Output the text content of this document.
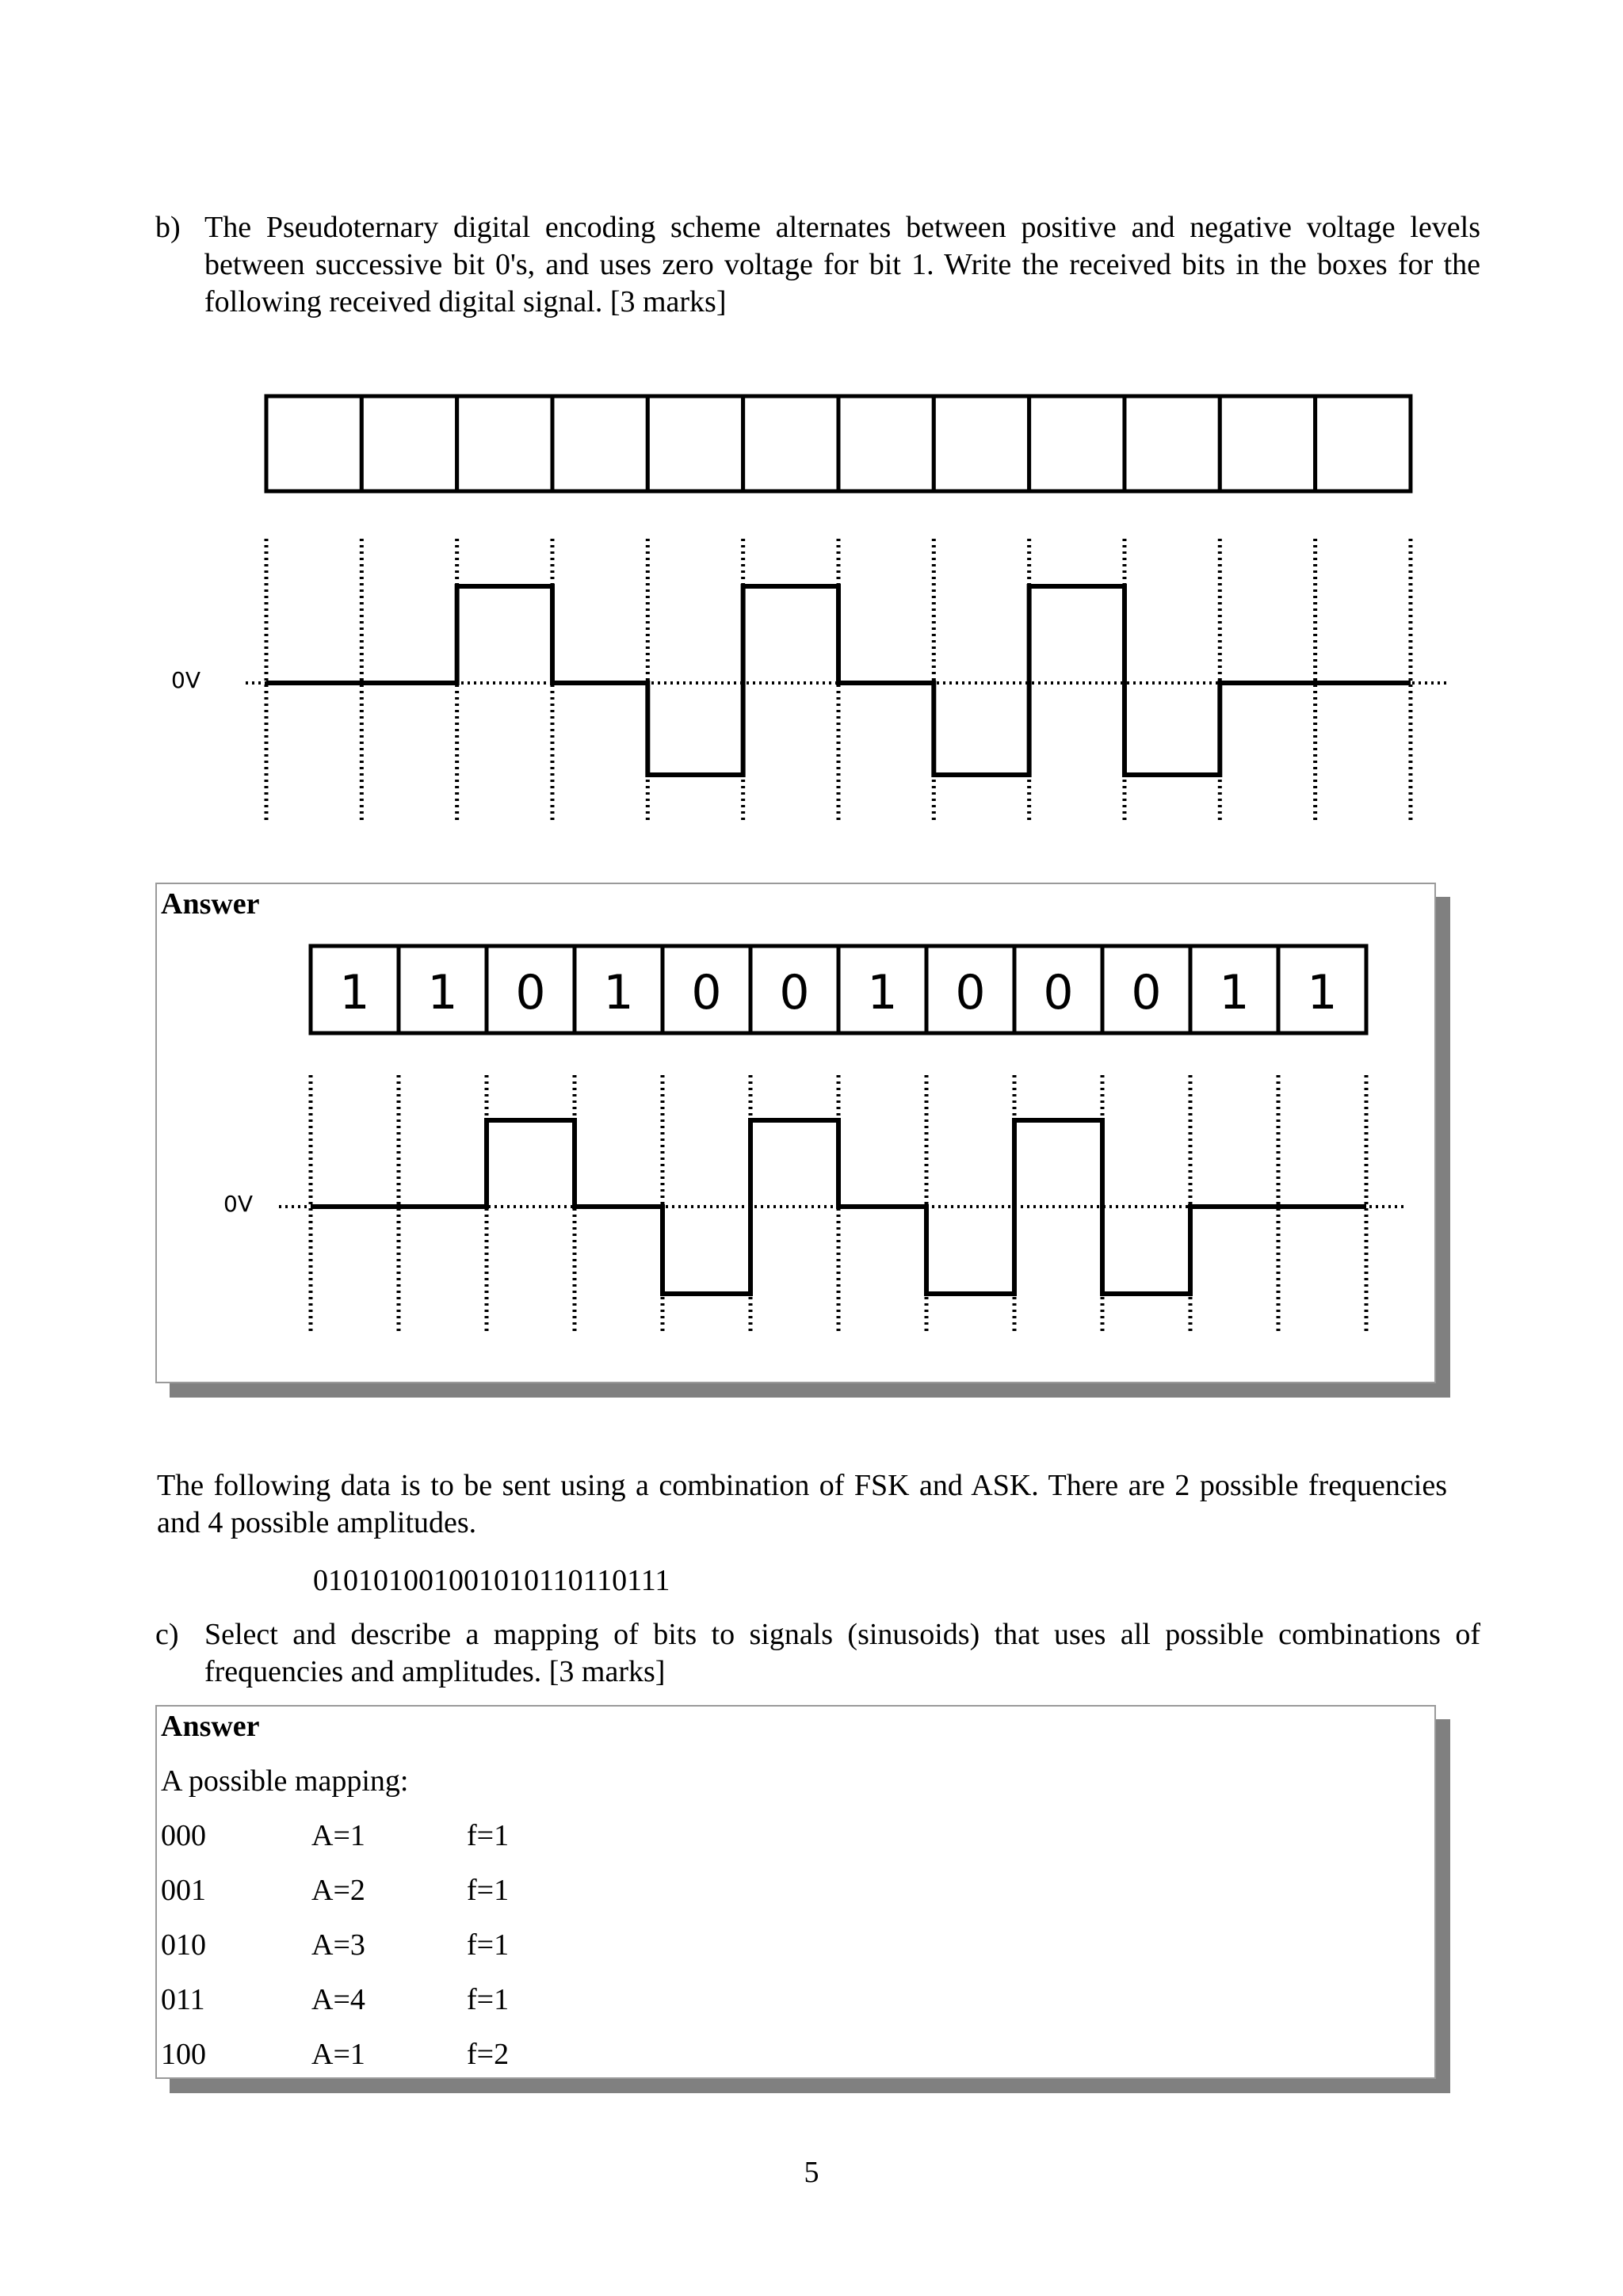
b) The Pseudoternary digital encoding scheme alternates between positive and negative voltage levels between successive bit 0's, and uses zero voltage for bit 1. Write the received bits in the boxes for the following received digital signal. [3 marks]
0V
Answer
1 1 0 1 0 0 1 0 0 0 1 1
0V
The following data is to be sent using a combination of FSK and ASK. There are 2 possible frequencies and 4 possible amplitudes.
010101001001010110110111
c) Select and describe a mapping of bits to signals (sinusoids) that uses all possible combinations of frequencies and amplitudes. [3 marks]
Answer
A possible mapping:
000	A=1	f=1
001	A=2	f=1
010	A=3	f=1
011	A=4	f=1
100	A=1	f=2
5
